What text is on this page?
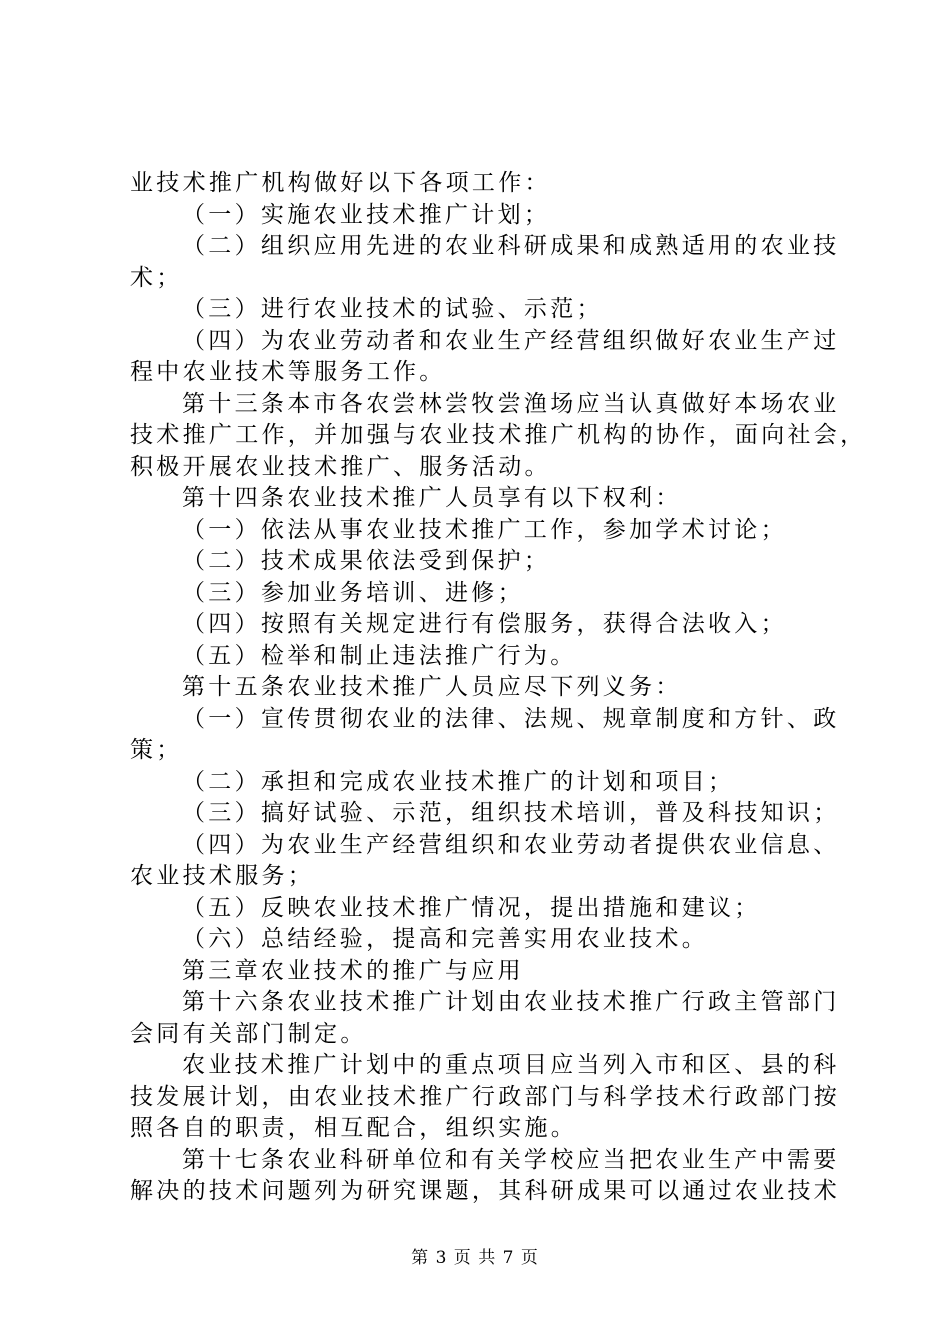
业技术推广机构做好以下各项工作：
（一）实施农业技术推广计划；
（二）组织应用先进的农业科研成果和成熟适用的农业技
术；
（三）进行农业技术的试验、示范；
（四）为农业劳动者和农业生产经营组织做好农业生产过
程中农业技术等服务工作。
第十三条本市各农尝林尝牧尝渔场应当认真做好本场农业
技术推广工作，并加强与农业技术推广机构的协作，面向社会，
积极开展农业技术推广、服务活动。
第十四条农业技术推广人员享有以下权利：
（一）依法从事农业技术推广工作，参加学术讨论；
（二）技术成果依法受到保护；
（三）参加业务培训、进修；
（四）按照有关规定进行有偿服务，获得合法收入；
（五）检举和制止违法推广行为。
第十五条农业技术推广人员应尽下列义务：
（一）宣传贯彻农业的法律、法规、规章制度和方针、政
策；
（二）承担和完成农业技术推广的计划和项目；
（三）搞好试验、示范，组织技术培训，普及科技知识；
（四）为农业生产经营组织和农业劳动者提供农业信息、
农业技术服务；
（五）反映农业技术推广情况，提出措施和建议；
（六）总结经验，提高和完善实用农业技术。
第三章农业技术的推广与应用
第十六条农业技术推广计划由农业技术推广行政主管部门
会同有关部门制定。
农业技术推广计划中的重点项目应当列入市和区、县的科
技发展计划，由农业技术推广行政部门与科学技术行政部门按
照各自的职责，相互配合，组织实施。
第十七条农业科研单位和有关学校应当把农业生产中需要
解决的技术问题列为研究课题，其科研成果可以通过农业技术
第 3 页 共 7 页
